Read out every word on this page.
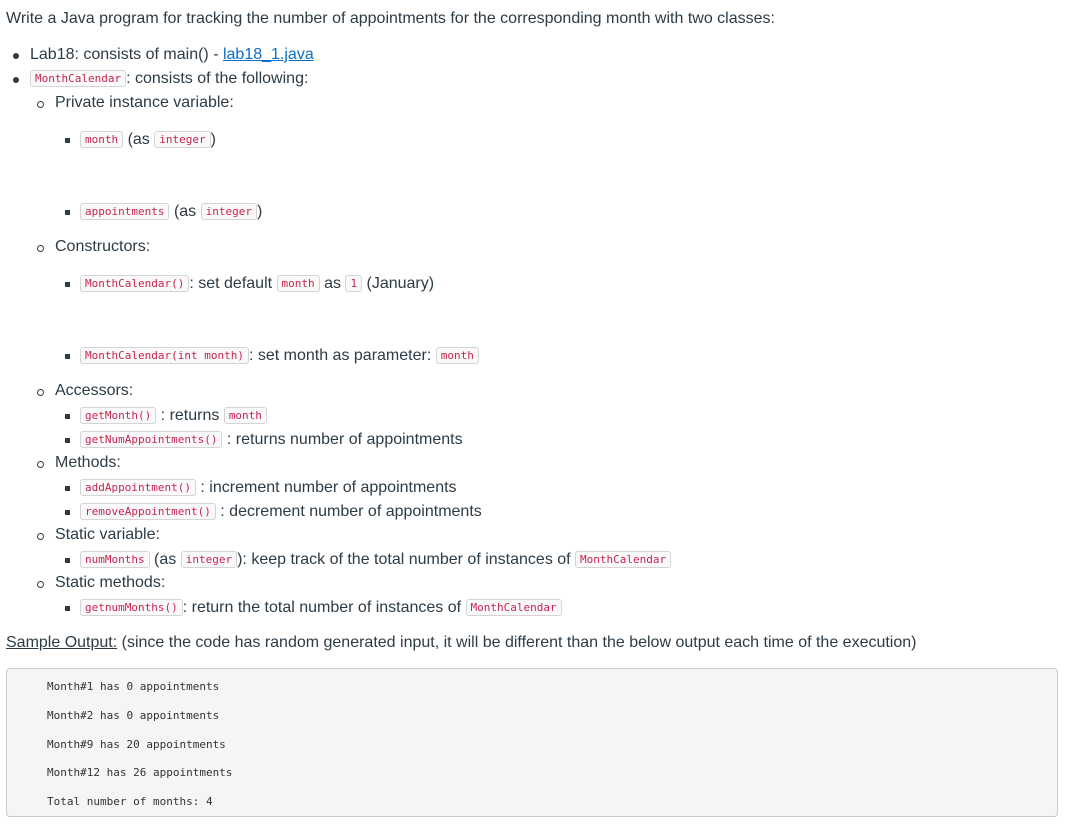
Write a Java program for tracking the number of appointments for the corresponding month with two classes:
Lab18: consists of main() - lab18_1.java
MonthCalendar : consists of the following:
Private instance variable:
month (as integer )
appointments (as integer )
Constructors:
MonthCalendar() : set default month as 1 (January)
MonthCalendar(int month) : set month as parameter: month
Accessors:
getMonth() : returns month
getNumAppointments() : returns number of appointments
Methods:
addAppointment() : increment number of appointments
removeAppointment() : decrement number of appointments
Static variable:
numMonths (as integer ): keep track of the total number of instances of MonthCalendar
Static methods:
getnumMonths() : return the total number of instances of MonthCalendar
Sample Output: (since the code has random generated input, it will be different than the below output each time of the execution)
Month#1 has 0 appointments
Month#2 has 0 appointments
Month#9 has 20 appointments
Month#12 has 26 appointments
Total number of months: 4
